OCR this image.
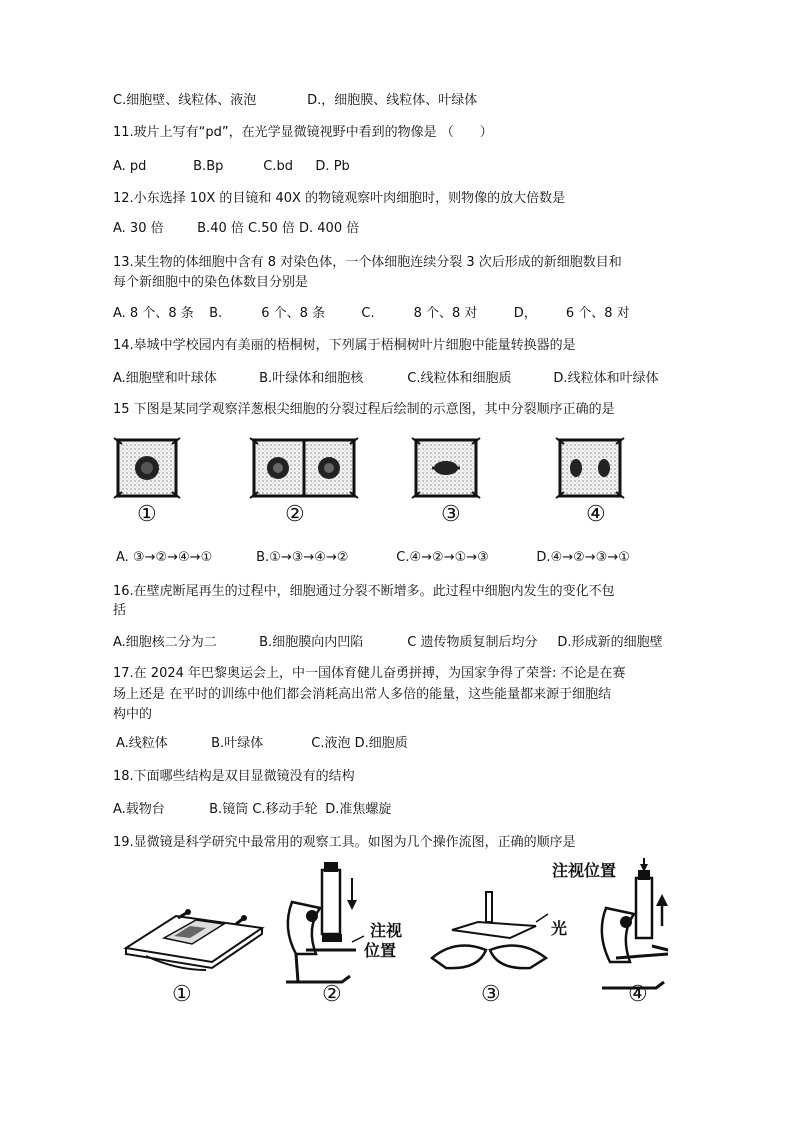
C.细胞壁、线粒体、液泡	D.，细胞膜、线粒体、叶绿体
11.玻片上写有“pd”，在光学显微镜视野中看到的物像是 （　　）
A. pd	B.Bp	C.bd D. Pb
12.小东选择 10X 的目镜和 40X 的物镜观察叶肉细胞时，则物像的放大倍数是
A. 30 倍	B.40 倍 C.50 倍 D. 400 倍
13.某生物的体细胞中含有 8 对染色体，一个体细胞连续分裂 3 次后形成的新细胞数目和
每个新细胞中的染色体数目分别是
A. 8 个、8 条 B.	6 个、8 条	C.	8 个、8 对	D， 6 个、8 对
14.皋城中学校园内有美丽的梧桐树，下列属于梧桐树叶片细胞中能量转换器的是
A.细胞壁和叶球体	B.叶绿体和细胞核	C.线粒体和细胞质	D.线粒体和叶绿体
15 下图是某同学观察洋葱根尖细胞的分裂过程后绘制的示意图，其中分裂顺序正确的是
①	②	③	④
A. ③→②→④→①	B.①→③→④→②	C.④→②→①→③	D.④→②→③→①
16.在壁虎断尾再生的过程中，细胞通过分裂不断增多。此过程中细胞内发生的变化不包
括
A.细胞核二分为二	B.细胞膜向内凹陷	C 遗传物质复制后均分 D.形成新的细胞壁
17.在 2024 年巴黎奥运会上，中一国体育健儿奋勇拼搏，为国家争得了荣誉: 不论是在赛
场上还是 在平时的训练中他们都会消耗高出常人多倍的能量，这些能量都来源于细胞结
构中的
A.线粒体	B.叶绿体	C.液泡 D.细胞质
18.下面哪些结构是双目显微镜没有的结构
A.载物台	B.镜筒 C.移动手轮 D.准焦螺旋
19.显微镜是科学研究中最常用的观察工具。如图为几个操作流图，正确的顺序是
注视
位置
光
注视位置
①	②	③	④
